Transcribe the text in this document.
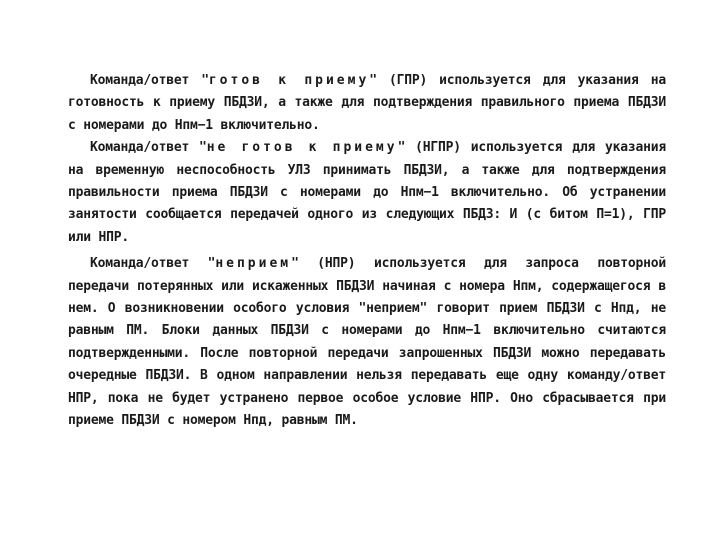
Команда/ответ "готов к приему" (ГПР) используется для указания на готовность к приему ПБДЗИ, а также для подтверждения правильного приема ПБДЗИ с номерами до Нпм−1 включительно.

Команда/ответ "не готов к приему" (НГПР) используется для указания на временную неспособность УЛЗ принимать ПБДЗИ, а также для подтверждения правильности приема ПБДЗИ с номерами до Нпм−1 включительно. Об устранении занятости сообщается передачей одного из следующих ПБДЗ: И (с битом П=1), ГПР или НПР.

Команда/ответ "неприем" (НПР) используется для запроса повторной передачи потерянных или искаженных ПБДЗИ начиная с номера Нпм, содержащегося в нем. О возникновении особого условия "неприем" говорит прием ПБДЗИ с Нпд, не равным ПМ. Блоки данных ПБДЗИ с номерами до Нпм−1 включительно считаются подтвержденными. После повторной передачи запрошенных ПБДЗИ можно передавать очередные ПБДЗИ. В одном направлении нельзя передавать еще одну команду/ответ НПР, пока не будет устранено первое особое условие НПР. Оно сбрасывается при приеме ПБДЗИ с номером Нпд, равным ПМ.
